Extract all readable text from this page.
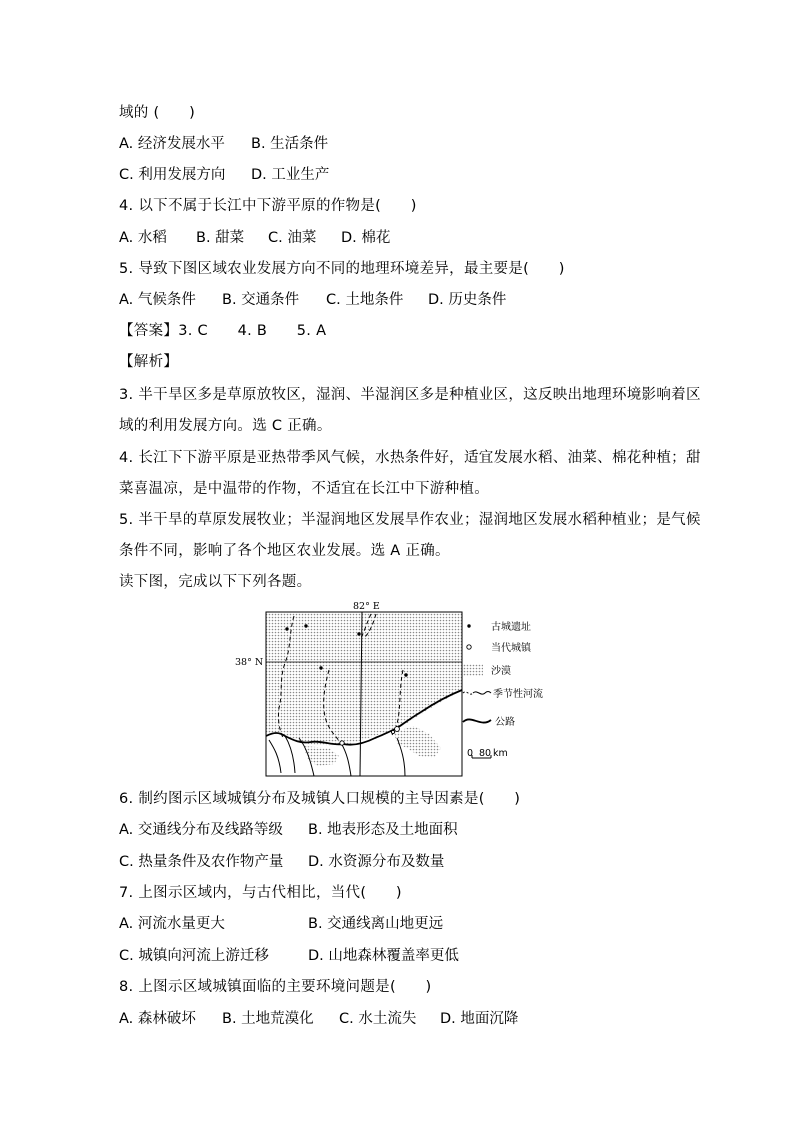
域的 (　　)
A. 经济发展水平 B. 生活条件
C. 利用发展方向 D. 工业生产
4. 以下不属于长江中下游平原的作物是(　　)
A. 水稻 B. 甜菜 C. 油菜 D. 棉花
5. 导致下图区域农业发展方向不同的地理环境差异，最主要是(　　)
A. 气候条件 B. 交通条件 C. 土地条件 D. 历史条件
【答案】3. C　　4. B　　5. A
【解析】
3. 半干旱区多是草原放牧区，湿润、半湿润区多是种植业区，这反映出地理环境影响着区
域的利用发展方向。选 C 正确。
4. 长江下下游平原是亚热带季风气候，水热条件好，适宜发展水稻、油菜、棉花种植；甜
菜喜温凉，是中温带的作物，不适宜在长江中下游种植。
5. 半干旱的草原发展牧业；半湿润地区发展旱作农业；湿润地区发展水稻种植业；是气候
条件不同，影响了各个地区农业发展。选 A 正确。
读下图，完成以下下列各题。
82° E
38° N
古城遗址
当代城镇
沙漠
季节性河流
公路
0 80 km
6. 制约图示区域城镇分布及城镇人口规模的主导因素是(　　)
A. 交通线分布及线路等级 B. 地表形态及土地面积
C. 热量条件及农作物产量 D. 水资源分布及数量
7. 上图示区域内，与古代相比，当代(　　)
A. 河流水量更大	B. 交通线离山地更远
C. 城镇向河流上游迁移	D. 山地森林覆盖率更低
8. 上图示区域城镇面临的主要环境问题是(　　)
A. 森林破坏 B. 土地荒漠化 C. 水土流失 D. 地面沉降
